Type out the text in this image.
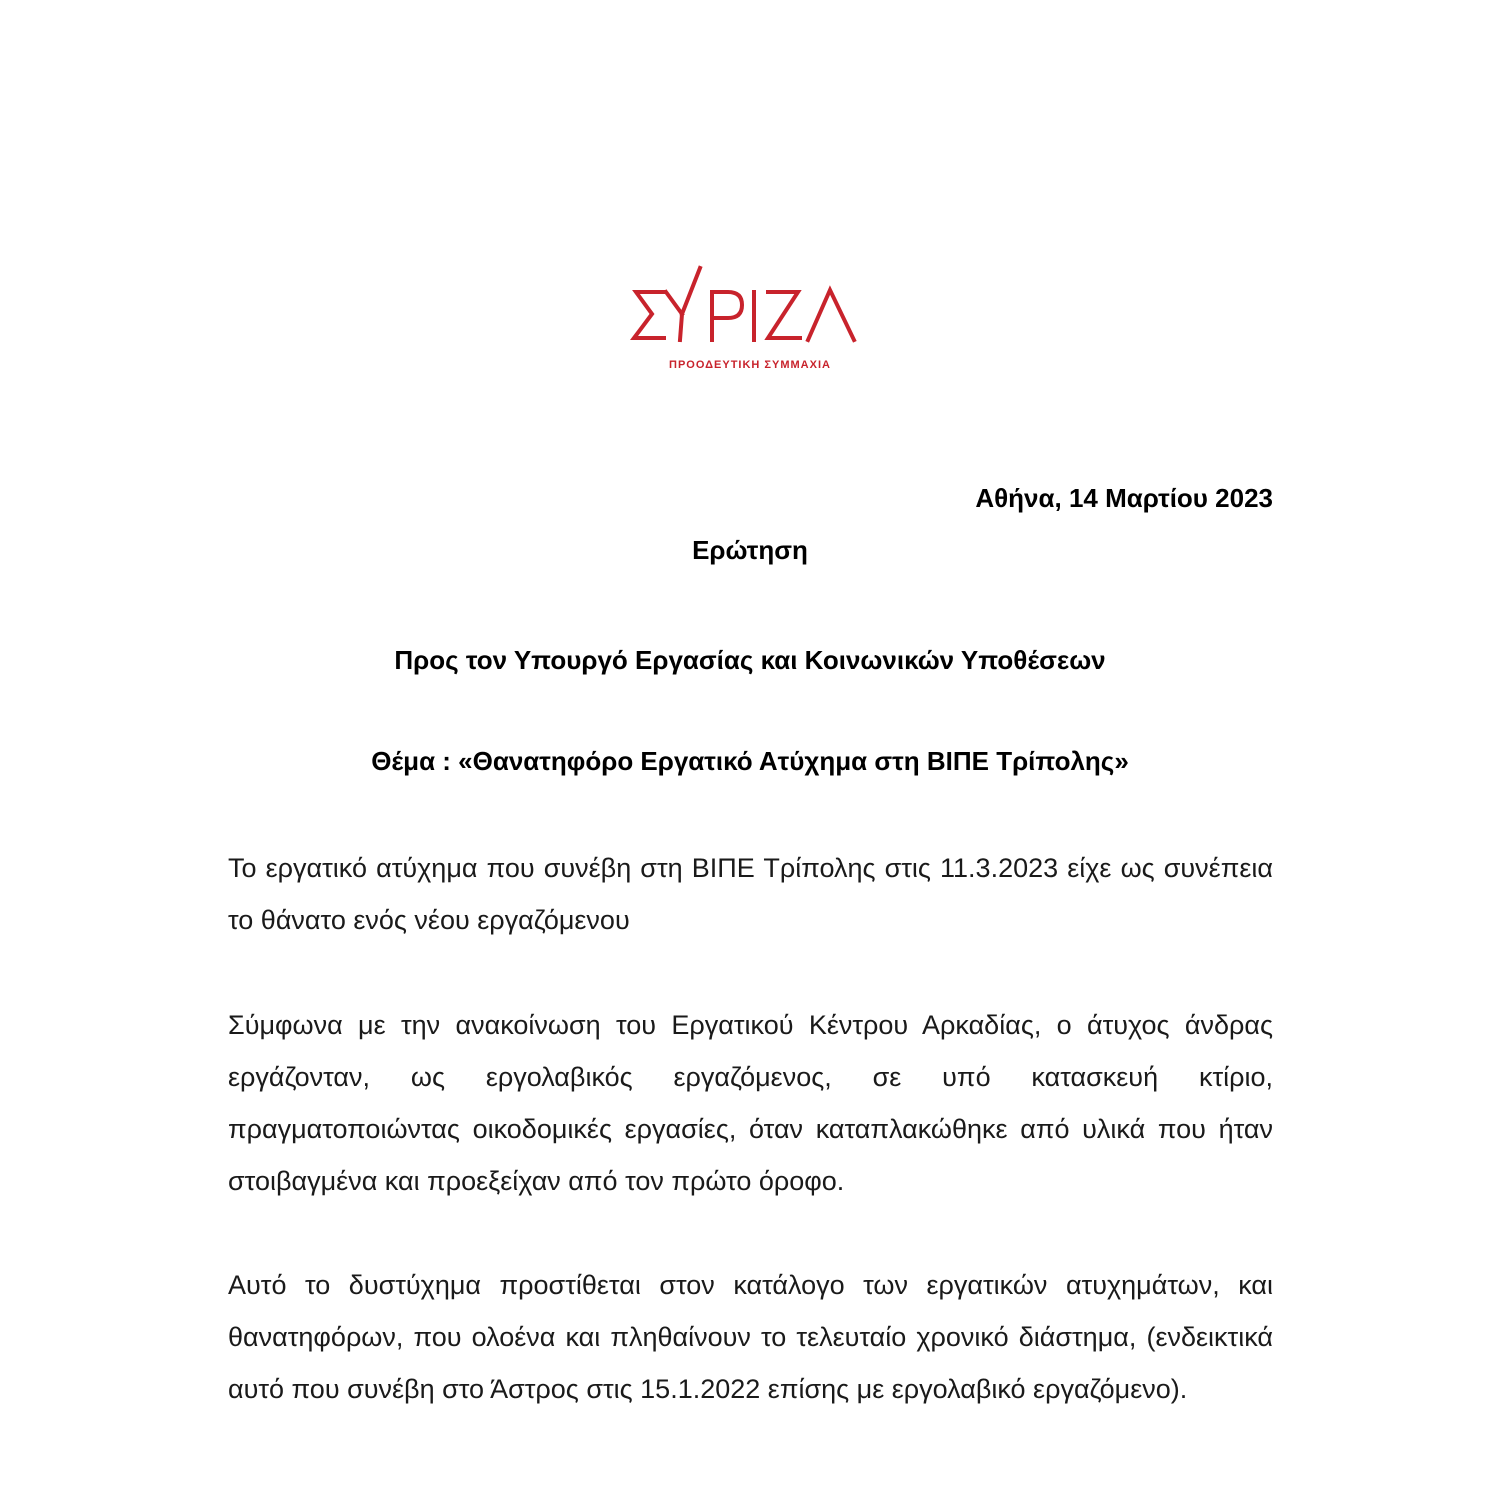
ΠΡΟΟΔΕΥΤΙΚΗ ΣΥΜΜΑΧΙΑ
Αθήνα, 14 Μαρτίου 2023
Ερώτηση
Προς τον Υπουργό Εργασίας και Κοινωνικών Υποθέσεων
Θέμα : «Θανατηφόρο Εργατικό Ατύχημα στη ΒΙΠΕ Τρίπολης»

Το εργατικό ατύχημα που συνέβη στη ΒΙΠΕ Τρίπολης στις 11.3.2023 είχε ως συνέπεια το θάνατο ενός νέου εργαζόμενου

Σύμφωνα με την ανακοίνωση του Εργατικού Κέντρου Αρκαδίας, ο άτυχος άνδρας εργάζονταν, ως εργολαβικός εργαζόμενος, σε υπό κατασκευή κτίριο, πραγματοποιώντας οικοδομικές εργασίες, όταν καταπλακώθηκε από υλικά που ήταν στοιβαγμένα και προεξείχαν από τον πρώτο όροφο.

Αυτό το δυστύχημα προστίθεται στον κατάλογο των εργατικών ατυχημάτων, και θανατηφόρων, που ολοένα και πληθαίνουν το τελευταίο χρονικό διάστημα, (ενδεικτικά αυτό που συνέβη στο Άστρος στις 15.1.2022 επίσης με εργολαβικό εργαζόμενο).
